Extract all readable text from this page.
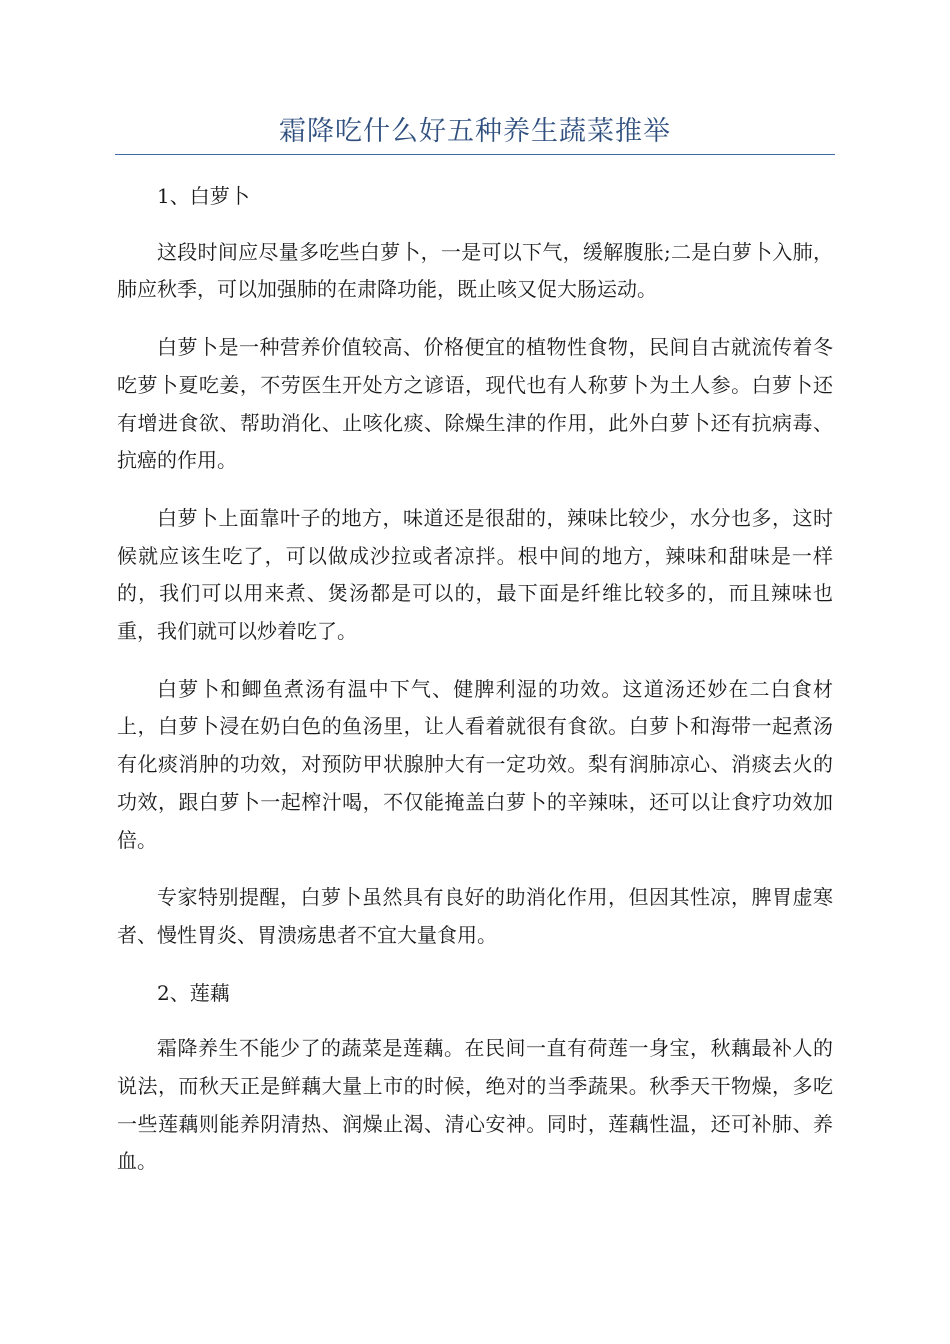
霜降吃什么好五种养生蔬菜推举

1、白萝卜

这段时间应尽量多吃些白萝卜，一是可以下气，缓解腹胀;二是白萝卜入肺，肺应秋季，可以加强肺的在肃降功能，既止咳又促大肠运动。

白萝卜是一种营养价值较高、价格便宜的植物性食物，民间自古就流传着冬吃萝卜夏吃姜，不劳医生开处方之谚语，现代也有人称萝卜为土人参。白萝卜还有增进食欲、帮助消化、止咳化痰、除燥生津的作用，此外白萝卜还有抗病毒、抗癌的作用。

白萝卜上面靠叶子的地方，味道还是很甜的，辣味比较少，水分也多，这时候就应该生吃了，可以做成沙拉或者凉拌。根中间的地方，辣味和甜味是一样的，我们可以用来煮、煲汤都是可以的，最下面是纤维比较多的，而且辣味也重，我们就可以炒着吃了。

白萝卜和鲫鱼煮汤有温中下气、健脾利湿的功效。这道汤还妙在二白食材上，白萝卜浸在奶白色的鱼汤里，让人看着就很有食欲。白萝卜和海带一起煮汤有化痰消肿的功效，对预防甲状腺肿大有一定功效。梨有润肺凉心、消痰去火的功效，跟白萝卜一起榨汁喝，不仅能掩盖白萝卜的辛辣味，还可以让食疗功效加倍。

专家特别提醒，白萝卜虽然具有良好的助消化作用，但因其性凉，脾胃虚寒者、慢性胃炎、胃溃疡患者不宜大量食用。

2、莲藕

霜降养生不能少了的蔬菜是莲藕。在民间一直有荷莲一身宝，秋藕最补人的说法，而秋天正是鲜藕大量上市的时候，绝对的当季蔬果。秋季天干物燥，多吃一些莲藕则能养阴清热、润燥止渴、清心安神。同时，莲藕性温，还可补肺、养血。
